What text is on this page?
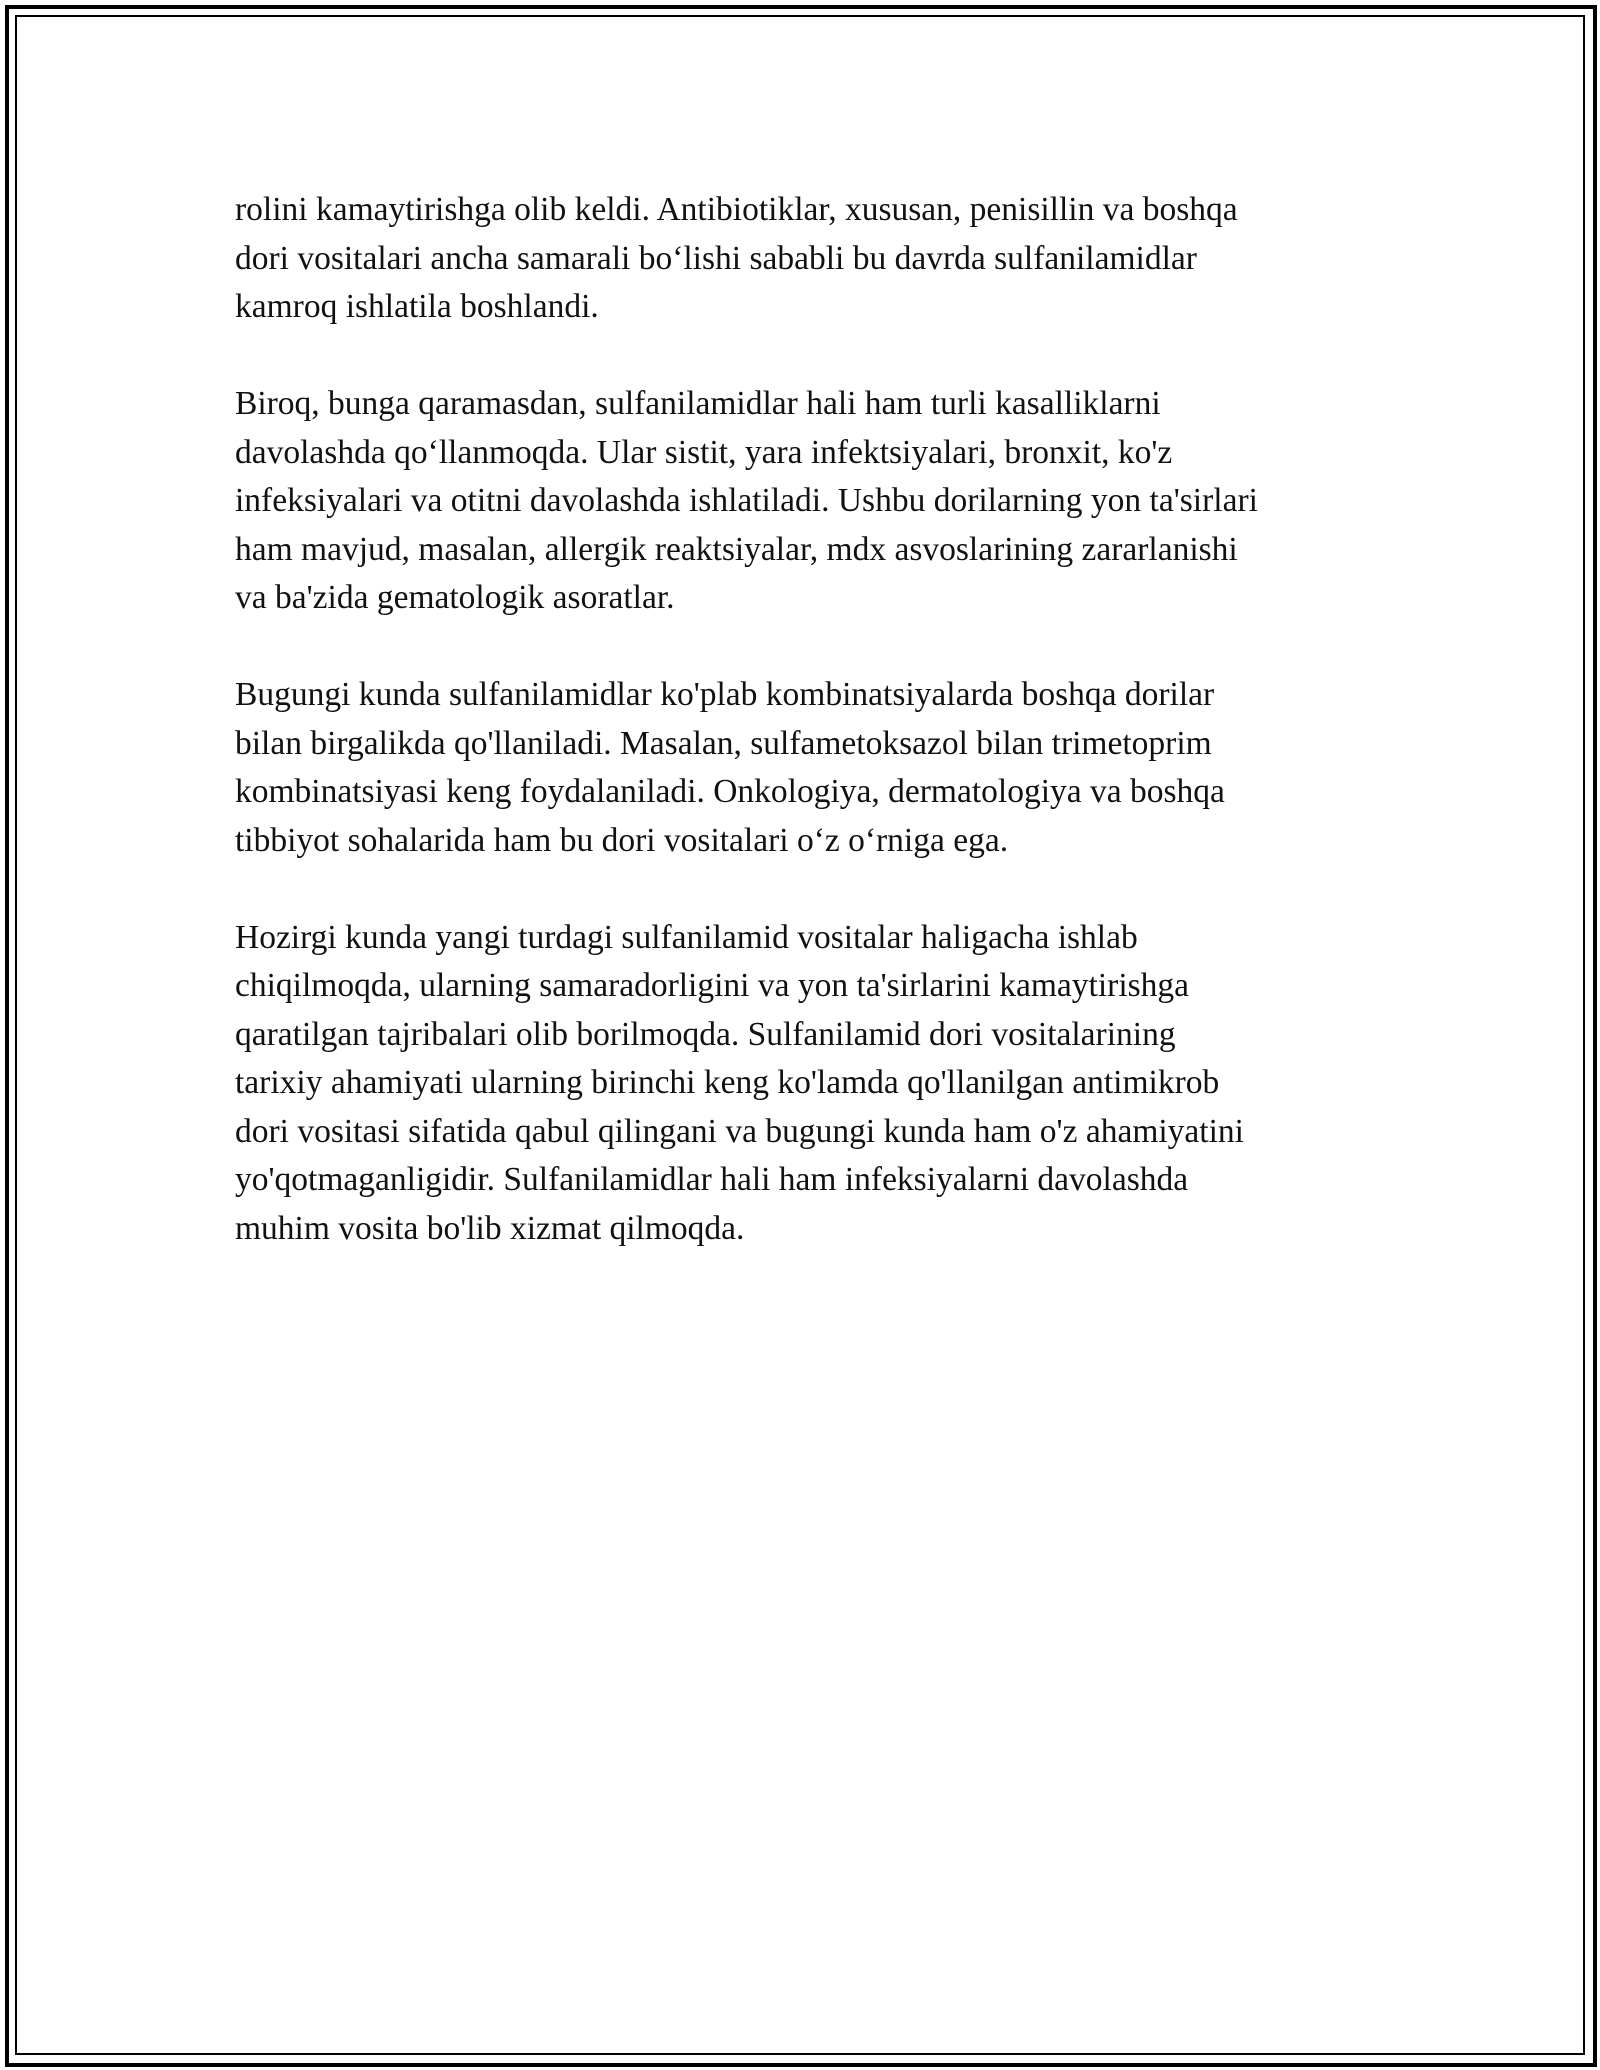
rolini kamaytirishga olib keldi. Antibiotiklar, xususan, penisillin va boshqa
dori vositalari ancha samarali bo‘lishi sababli bu davrda sulfanilamidlar
kamroq ishlatila boshlandi.

Biroq, bunga qaramasdan, sulfanilamidlar hali ham turli kasalliklarni
davolashda qo‘llanmoqda. Ular sistit, yara infektsiyalari, bronxit, ko'z
infeksiyalari va otitni davolashda ishlatiladi. Ushbu dorilarning yon ta'sirlari
ham mavjud, masalan, allergik reaktsiyalar, mdx asvoslarining zararlanishi
va ba'zida gematologik asoratlar.

Bugungi kunda sulfanilamidlar ko'plab kombinatsiyalarda boshqa dorilar
bilan birgalikda qo'llaniladi. Masalan, sulfametoksazol bilan trimetoprim
kombinatsiyasi keng foydalaniladi. Onkologiya, dermatologiya va boshqa
tibbiyot sohalarida ham bu dori vositalari o‘z o‘rniga ega.

Hozirgi kunda yangi turdagi sulfanilamid vositalar haligacha ishlab
chiqilmoqda, ularning samaradorligini va yon ta'sirlarini kamaytirishga
qaratilgan tajribalari olib borilmoqda. Sulfanilamid dori vositalarining
tarixiy ahamiyati ularning birinchi keng ko'lamda qo'llanilgan antimikrob
dori vositasi sifatida qabul qilingani va bugungi kunda ham o'z ahamiyatini
yo'qotmaganligidir. Sulfanilamidlar hali ham infeksiyalarni davolashda
muhim vosita bo'lib xizmat qilmoqda.
